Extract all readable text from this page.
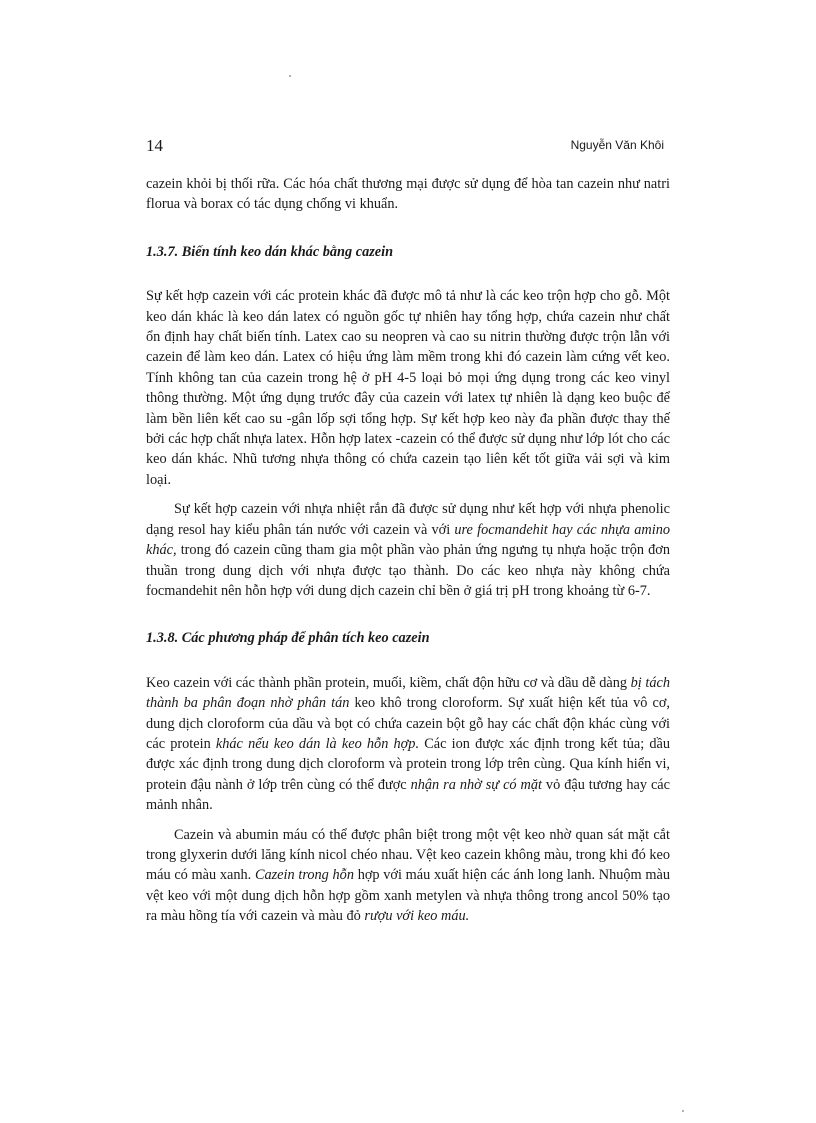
14	Nguyễn Văn Khôi

cazein khỏi bị thối rữa. Các hóa chất thương mại được sử dụng để hòa tan cazein như natri florua và borax có tác dụng chống vi khuẩn.

1.3.7. Biến tính keo dán khác bằng cazein

Sự kết hợp cazein với các protein khác đã được mô tả như là các keo trộn hợp cho gỗ. Một keo dán khác là keo dán latex có nguồn gốc tự nhiên hay tổng hợp, chứa cazein như chất ổn định hay chất biến tính. Latex cao su neopren và cao su nitrin thường được trộn lẫn với cazein để làm keo dán. Latex có hiệu ứng làm mềm trong khi đó cazein làm cứng vết keo. Tính không tan của cazein trong hệ ở pH 4-5 loại bỏ mọi ứng dụng trong các keo vinyl thông thường. Một ứng dụng trước đây của cazein với latex tự nhiên là dạng keo buộc để làm bền liên kết cao su -gân lốp sợi tổng hợp. Sự kết hợp keo này đa phần được thay thế bởi các hợp chất nhựa latex. Hỗn hợp latex -cazein có thể được sử dụng như lớp lót cho các keo dán khác. Nhũ tương nhựa thông có chứa cazein tạo liên kết tốt giữa vải sợi và kim loại.

Sự kết hợp cazein với nhựa nhiệt rắn đã được sử dụng như kết hợp với nhựa phenolic dạng resol hay kiểu phân tán nước với cazein và với ure focmandehit hay các nhựa amino khác, trong đó cazein cũng tham gia một phần vào phản ứng ngưng tụ nhựa hoặc trộn đơn thuần trong dung dịch với nhựa được tạo thành. Do các keo nhựa này không chứa focmandehit nên hỗn hợp với dung dịch cazein chỉ bền ở giá trị pH trong khoảng từ 6-7.

1.3.8. Các phương pháp để phân tích keo cazein

Keo cazein với các thành phần protein, muối, kiềm, chất độn hữu cơ và dầu dễ dàng bị tách thành ba phân đoạn nhờ phân tán keo khô trong cloroform. Sự xuất hiện kết tủa vô cơ, dung dịch cloroform của dầu và bọt có chứa cazein bột gỗ hay các chất độn khác cùng với các protein khác nếu keo dán là keo hỗn hợp. Các ion được xác định trong kết tủa; dầu được xác định trong dung dịch cloroform và protein trong lớp trên cùng. Qua kính hiển vi, protein đậu nành ở lớp trên cùng có thể được nhận ra nhờ sự có mặt vỏ đậu tương hay các mảnh nhân.

Cazein và abumin máu có thể được phân biệt trong một vệt keo nhờ quan sát mặt cắt trong glyxerin dưới lăng kính nicol chéo nhau. Vệt keo cazein không màu, trong khi đó keo máu có màu xanh. Cazein trong hỗn hợp với máu xuất hiện các ánh long lanh. Nhuộm màu vệt keo với một dung dịch hỗn hợp gồm xanh metylen và nhựa thông trong ancol 50% tạo ra màu hồng tía với cazein và màu đỏ rượu với keo máu.
